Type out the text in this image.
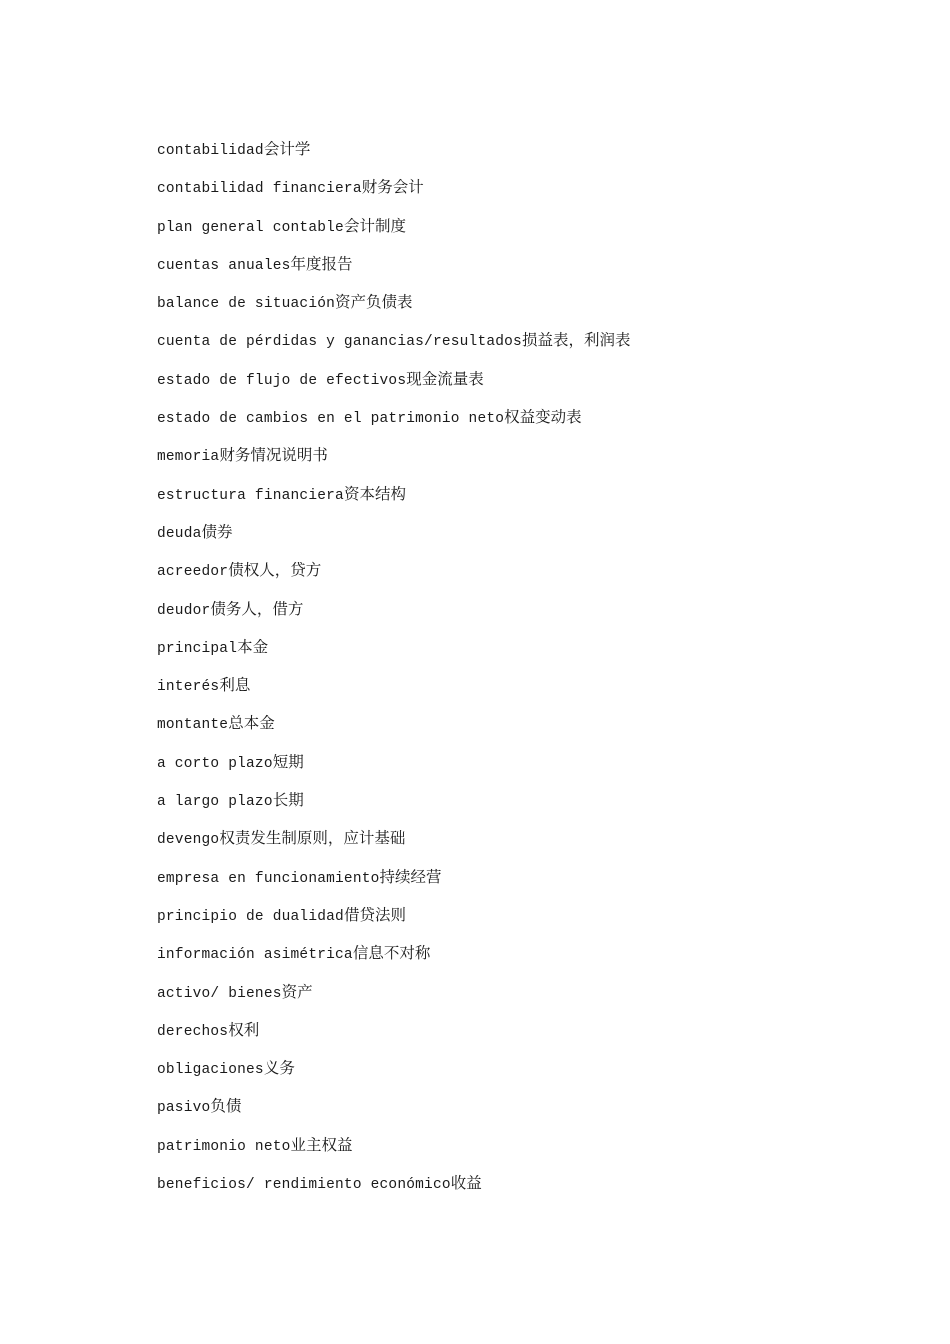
contabilidad会计学
contabilidad financiera财务会计
plan general contable会计制度
cuentas anuales年度报告
balance de situación资产负债表
cuenta de pérdidas y ganancias/resultados损益表，利润表
estado de flujo de efectivos现金流量表
estado de cambios en el patrimonio neto权益变动表
memoria财务情况说明书
estructura financiera资本结构
deuda债券
acreedor债权人，贷方
deudor债务人，借方
principal本金
interés利息
montante总本金
a corto plazo短期
a largo plazo长期
devengo权责发生制原则，应计基础
empresa en funcionamiento持续经营
principio de dualidad借贷法则
información asimétrica信息不对称
activo/ bienes资产
derechos权利
obligaciones义务
pasivo负债
patrimonio neto业主权益
beneficios/ rendimiento económico收益
